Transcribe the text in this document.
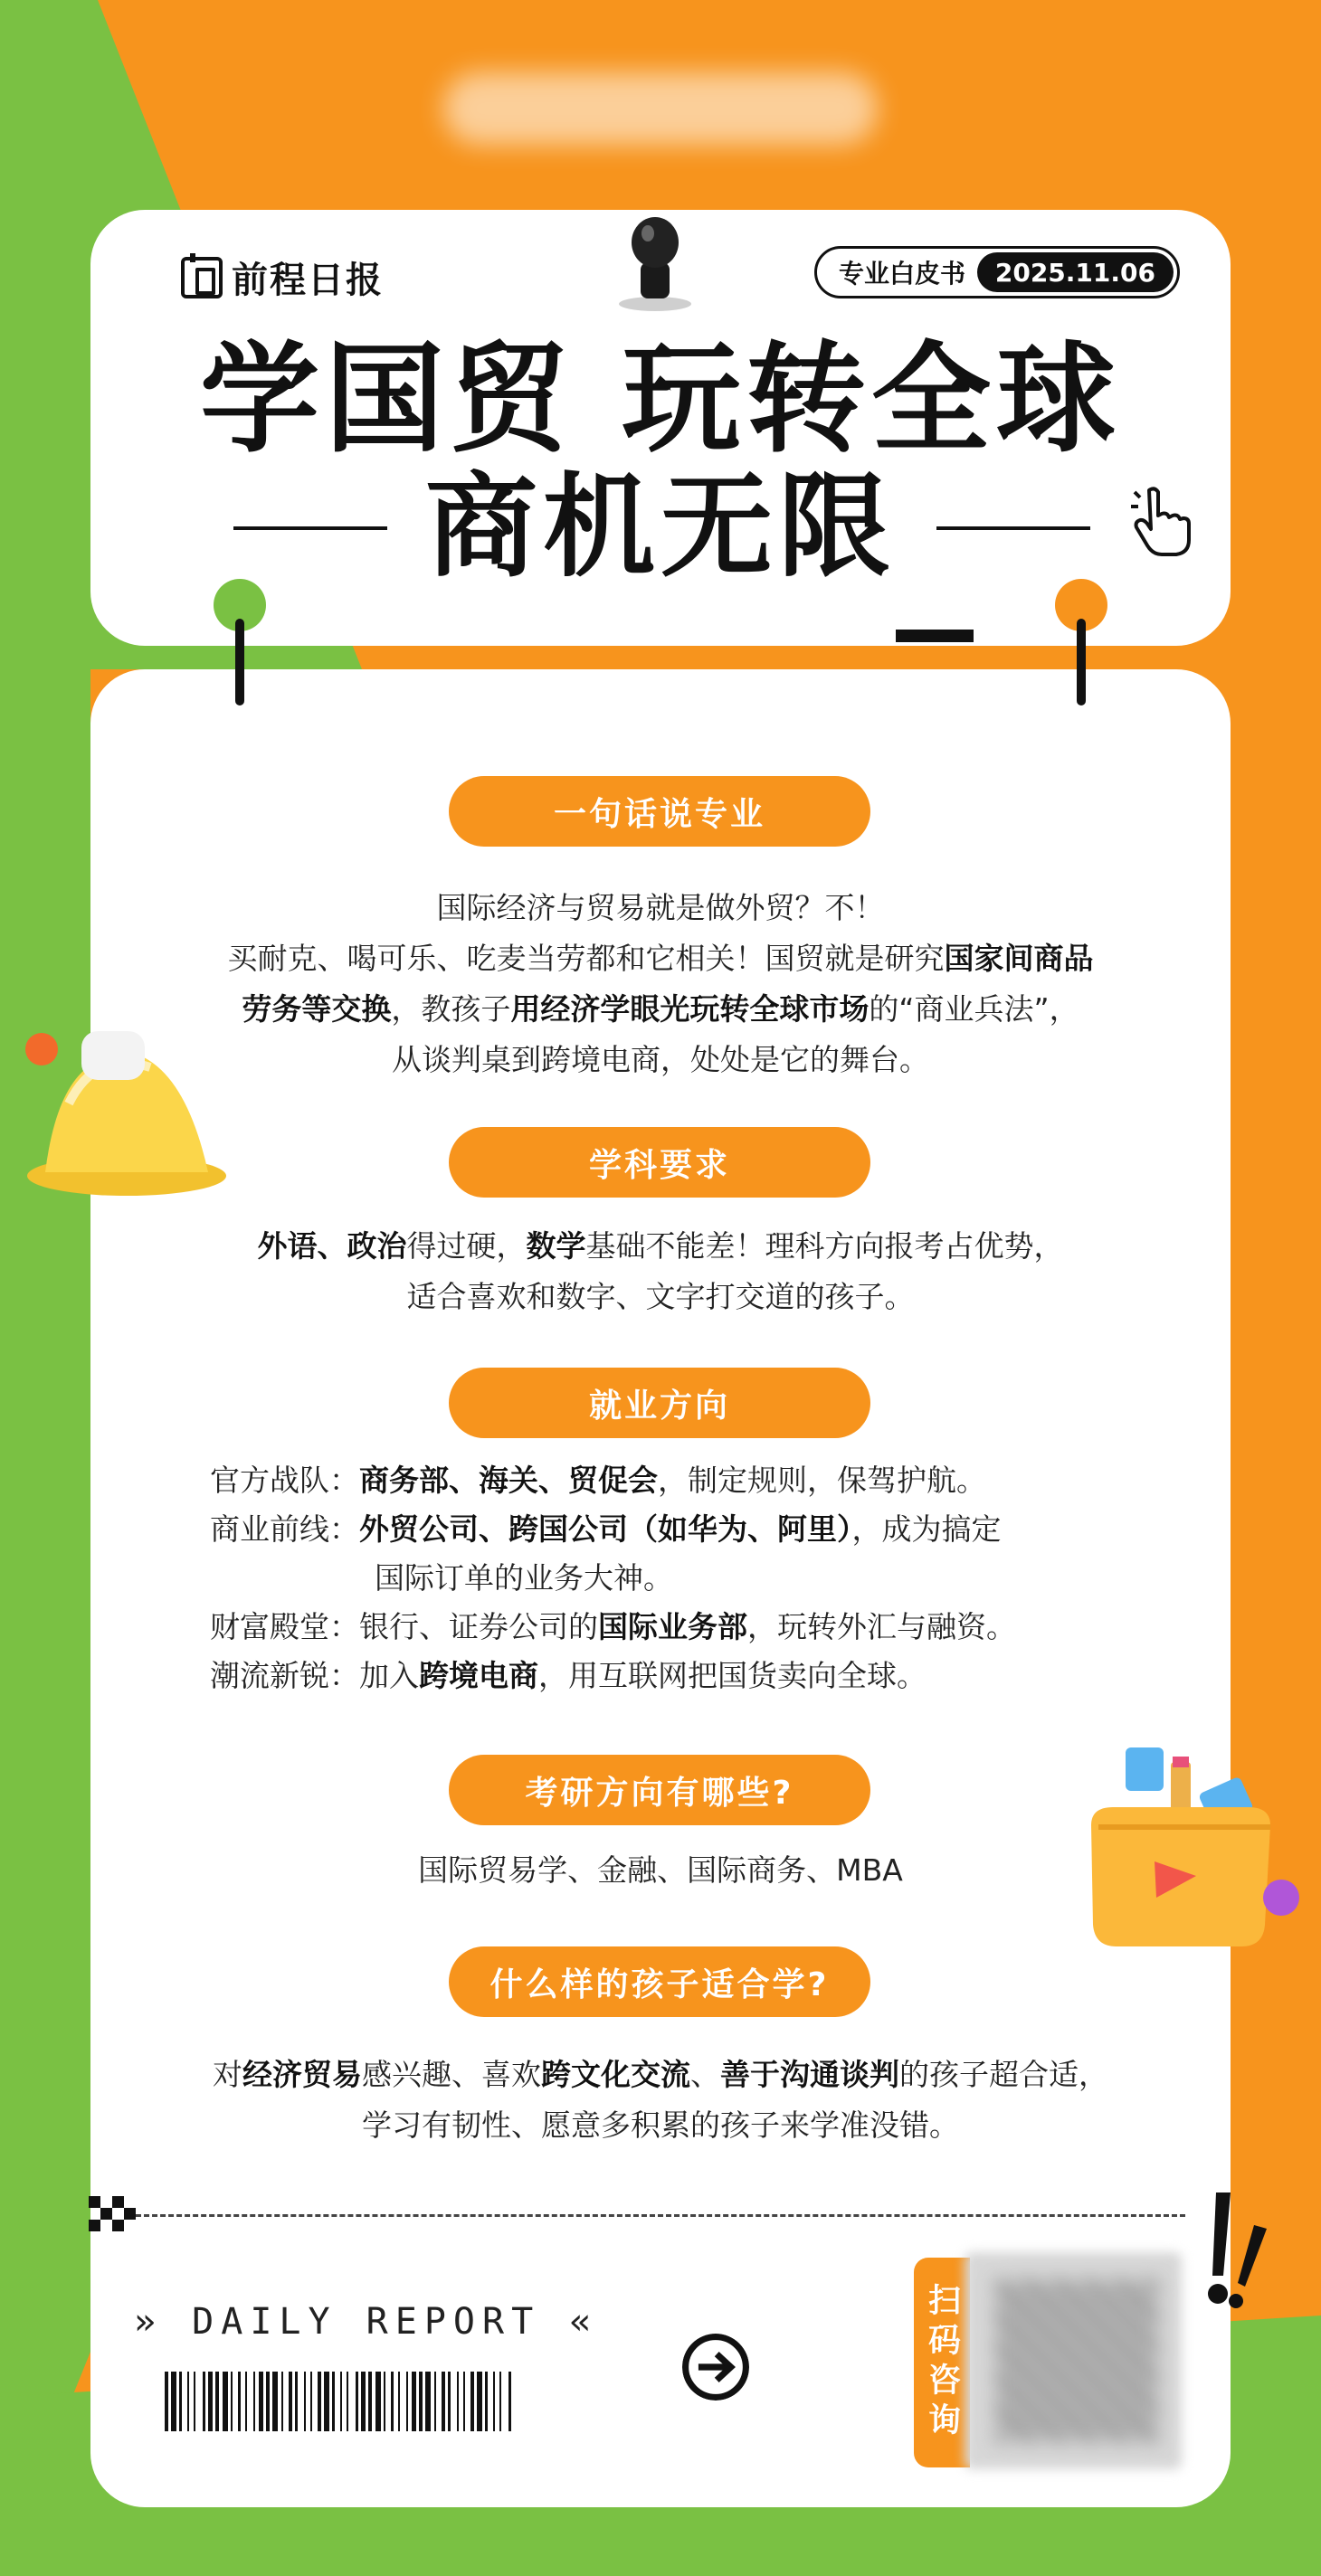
前程日报	专业白皮书	2025.11.06
学国贸 玩转全球
商机无限
一句话说专业
国际经济与贸易就是做外贸？不！
买耐克、喝可乐、吃麦当劳都和它相关！国贸就是研究国家间商品
劳务等交换，教孩子用经济学眼光玩转全球市场的“商业兵法”，
从谈判桌到跨境电商，处处是它的舞台。
学科要求
外语、政治得过硬，数学基础不能差！理科方向报考占优势，
适合喜欢和数字、文字打交道的孩子。
就业方向
官方战队：商务部、海关、贸促会，制定规则，保驾护航。
商业前线：外贸公司、跨国公司（如华为、阿里），成为搞定
国际订单的业务大神。
财富殿堂：银行、证券公司的国际业务部，玩转外汇与融资。
潮流新锐：加入跨境电商，用互联网把国货卖向全球。
考研方向有哪些?
国际贸易学、金融、国际商务、MBA
什么样的孩子适合学?
对经济贸易感兴趣、喜欢跨文化交流、善于沟通谈判的孩子超合适，
学习有韧性、愿意多积累的孩子来学准没错。
» DAILY REPORT «	扫码咨询
